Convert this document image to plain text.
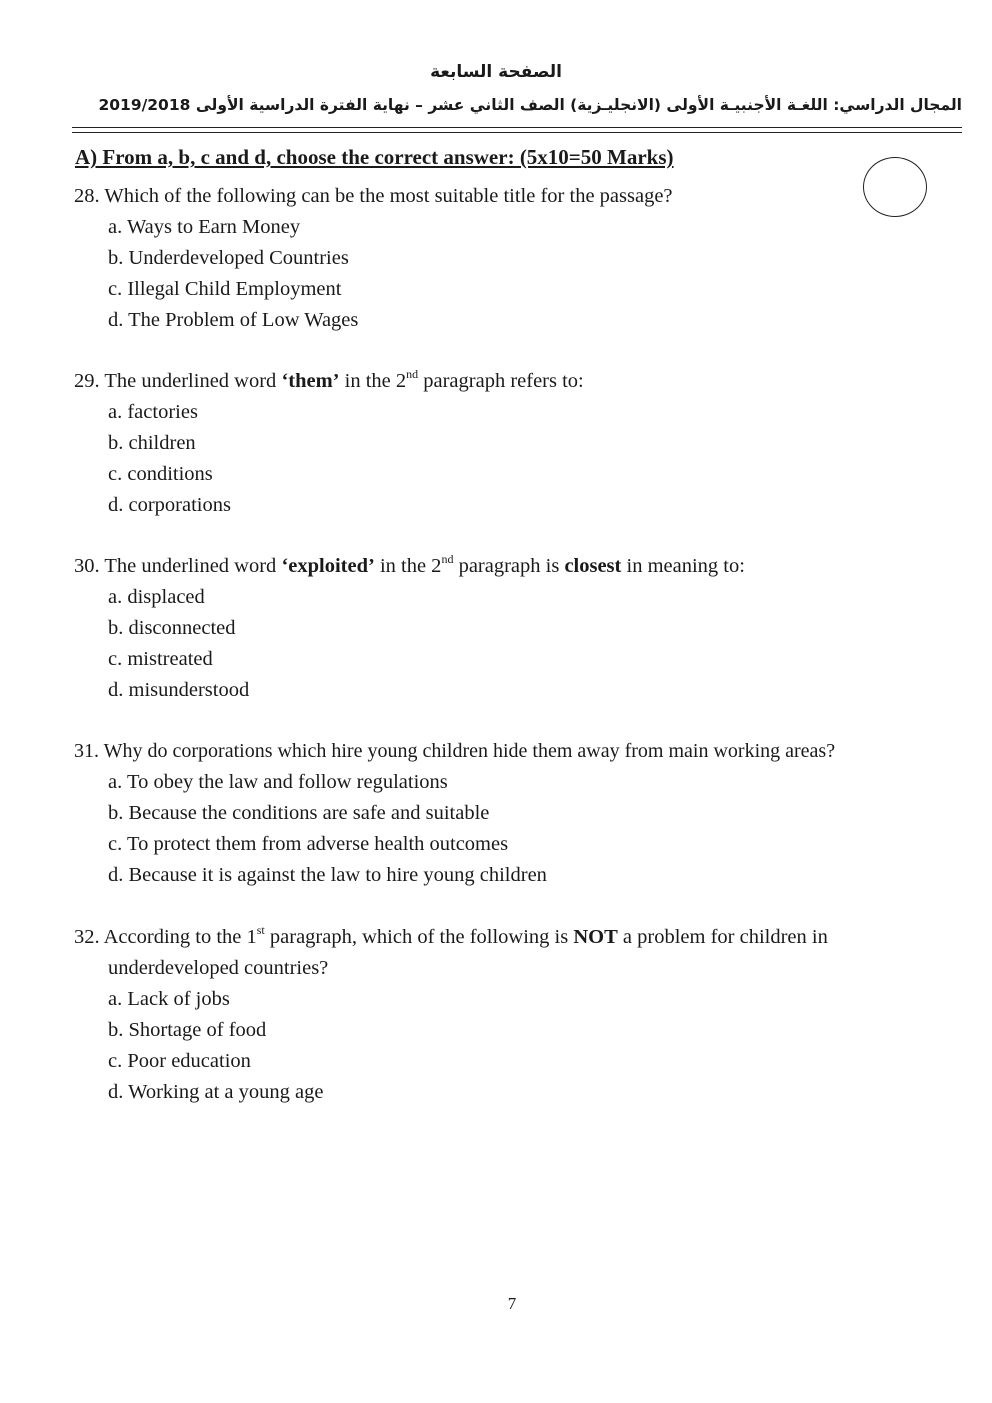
الصفحة السابعة
المجال الدراسي: اللغـة الأجنبيـة الأولى (الانجليـزية) الصف الثاني عشر – نهاية الفترة الدراسية الأولى 2019/2018
A) From a, b, c and d, choose the correct answer: (5x10=50 Marks)
28. Which of the following can be the most suitable title for the passage?
a. Ways to Earn Money
b. Underdeveloped Countries
c. Illegal Child Employment
d. The Problem of Low Wages
29. The underlined word ‘them’ in the 2nd paragraph refers to:
a. factories
b. children
c. conditions
d. corporations
30. The underlined word ‘exploited’ in the 2nd paragraph is closest in meaning to:
a. displaced
b. disconnected
c. mistreated
d. misunderstood
31. Why do corporations which hire young children hide them away from main working areas?
a. To obey the law and follow regulations
b. Because the conditions are safe and suitable
c. To protect them from adverse health outcomes
d. Because it is against the law to hire young children
32. According to the 1st paragraph, which of the following is NOT a problem for children in
underdeveloped countries?
a. Lack of jobs
b. Shortage of food
c. Poor education
d. Working at a young age
7
